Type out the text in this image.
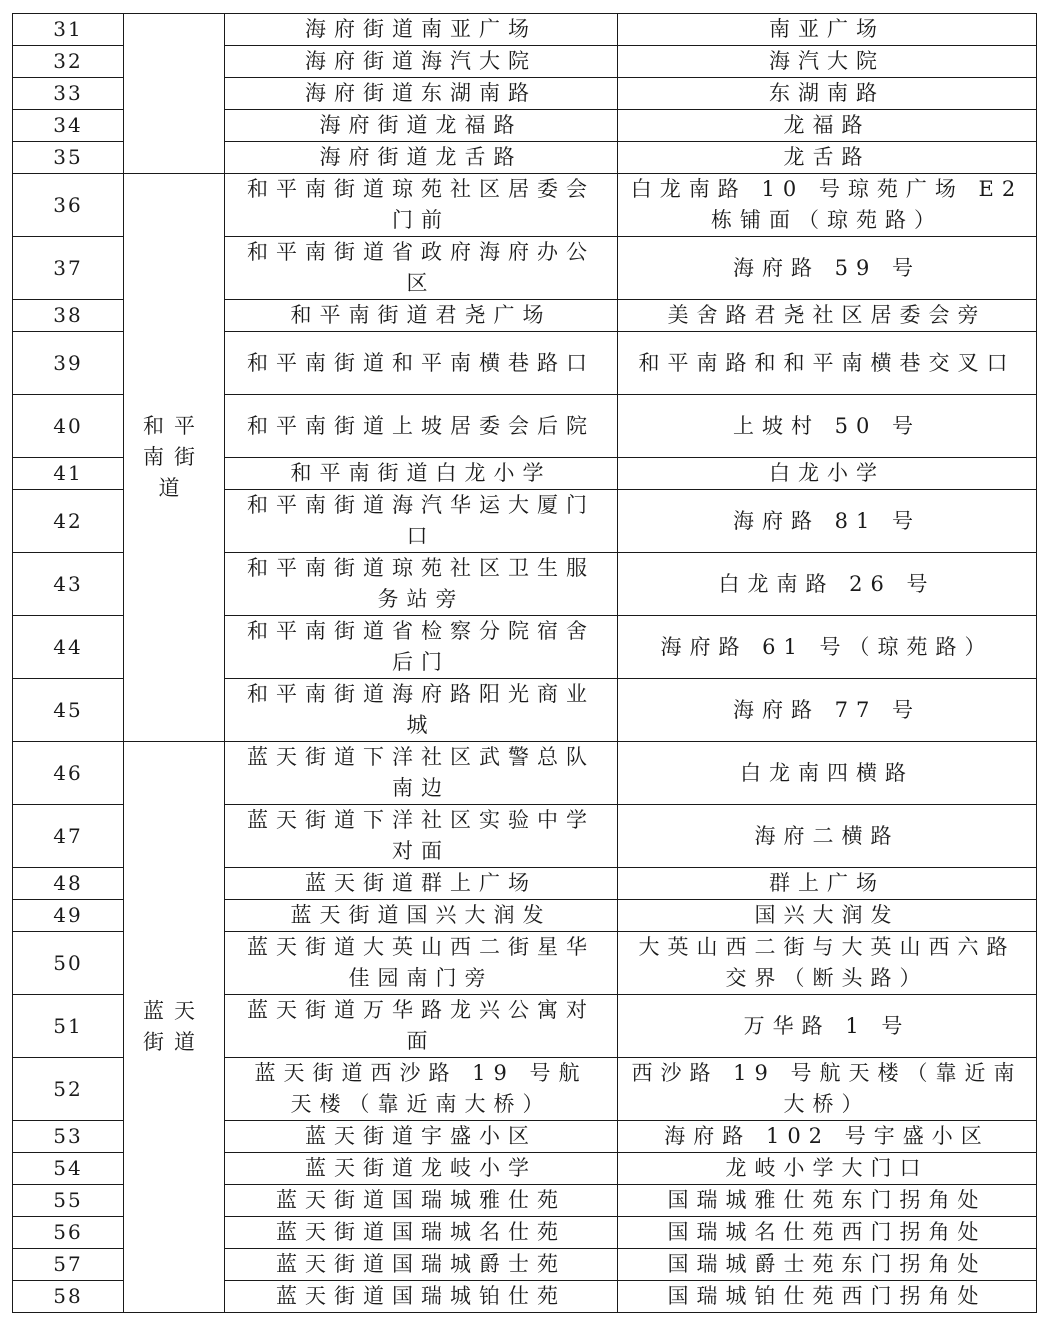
31		海府街道南亚广场	南亚广场
32		海府街道海汽大院	海汽大院
33		海府街道东湖南路	东湖南路
34		海府街道龙福路	龙福路
35		海府街道龙舌路	龙舌路
36	和平南街道	和平南街道琼苑社区居委会门前	白龙南路 10 号琼苑广场 E2 栋铺面（琼苑路）
37		和平南街道省政府海府办公区	海府路 59 号
38		和平南街道君尧广场	美舍路君尧社区居委会旁
39		和平南街道和平南横巷路口	和平南路和和平南横巷交叉口
40		和平南街道上坡居委会后院	上坡村 50 号
41		和平南街道白龙小学	白龙小学
42		和平南街道海汽华运大厦门口	海府路 81 号
43		和平南街道琼苑社区卫生服务站旁	白龙南路 26 号
44		和平南街道省检察分院宿舍后门	海府路 61 号（琼苑路）
45		和平南街道海府路阳光商业城	海府路 77 号
46	蓝天街道	蓝天街道下洋社区武警总队南边	白龙南四横路
47		蓝天街道下洋社区实验中学对面	海府二横路
48		蓝天街道群上广场	群上广场
49		蓝天街道国兴大润发	国兴大润发
50		蓝天街道大英山西二街星华佳园南门旁	大英山西二街与大英山西六路交界（断头路）
51		蓝天街道万华路龙兴公寓对面	万华路 1 号
52		蓝天街道西沙路 19 号航天楼（靠近南大桥）	西沙路 19 号航天楼（靠近南大桥）
53		蓝天街道宇盛小区	海府路 102 号宇盛小区
54		蓝天街道龙岐小学	龙岐小学大门口
55		蓝天街道国瑞城雅仕苑	国瑞城雅仕苑东门拐角处
56		蓝天街道国瑞城名仕苑	国瑞城名仕苑西门拐角处
57		蓝天街道国瑞城爵士苑	国瑞城爵士苑东门拐角处
58		蓝天街道国瑞城铂仕苑	国瑞城铂仕苑西门拐角处
